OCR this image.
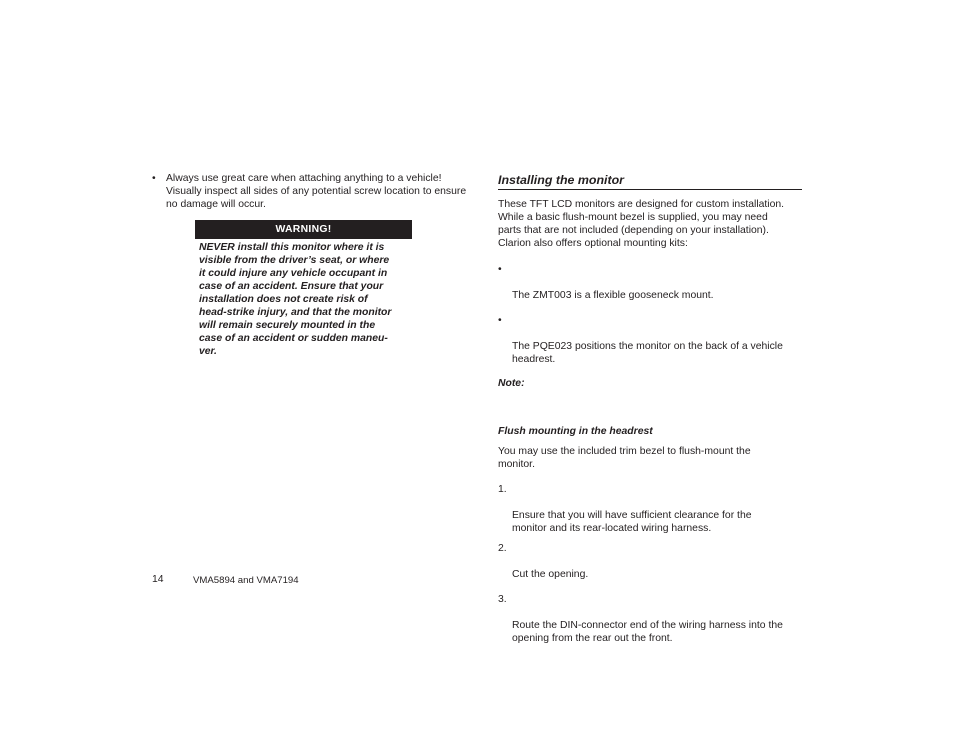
• Always use great care when attaching anything to a vehicle! Visually inspect all sides of any potential screw location to ensure no damage will occur.
WARNING!
NEVER install this monitor where it is
visible from the driver’s seat, or where
it could injure any vehicle occupant in
case of an accident. Ensure that your
installation does not create risk of
head-strike injury, and that the monitor
will remain securely mounted in the
case of an accident or sudden maneu-
ver.
Installing the monitor
These TFT LCD monitors are designed for custom installation.
While a basic flush-mount bezel is supplied, you may need
parts that are not included (depending on your installation).
Clarion also offers optional mounting kits:

•

The ZMT003 is a flexible gooseneck mount.

•

The PQE023 positions the monitor on the back of a vehicle
headrest.

Note:
Flush mounting in the headrest
You may use the included trim bezel to flush-mount the
monitor.

1.

Ensure that you will have sufficient clearance for the
monitor and its rear-located wiring harness.

2.

Cut the opening.

3.

Route the DIN-connector end of the wiring harness into the
opening from the rear out the front.

14	VMA5894 and VMA7194
